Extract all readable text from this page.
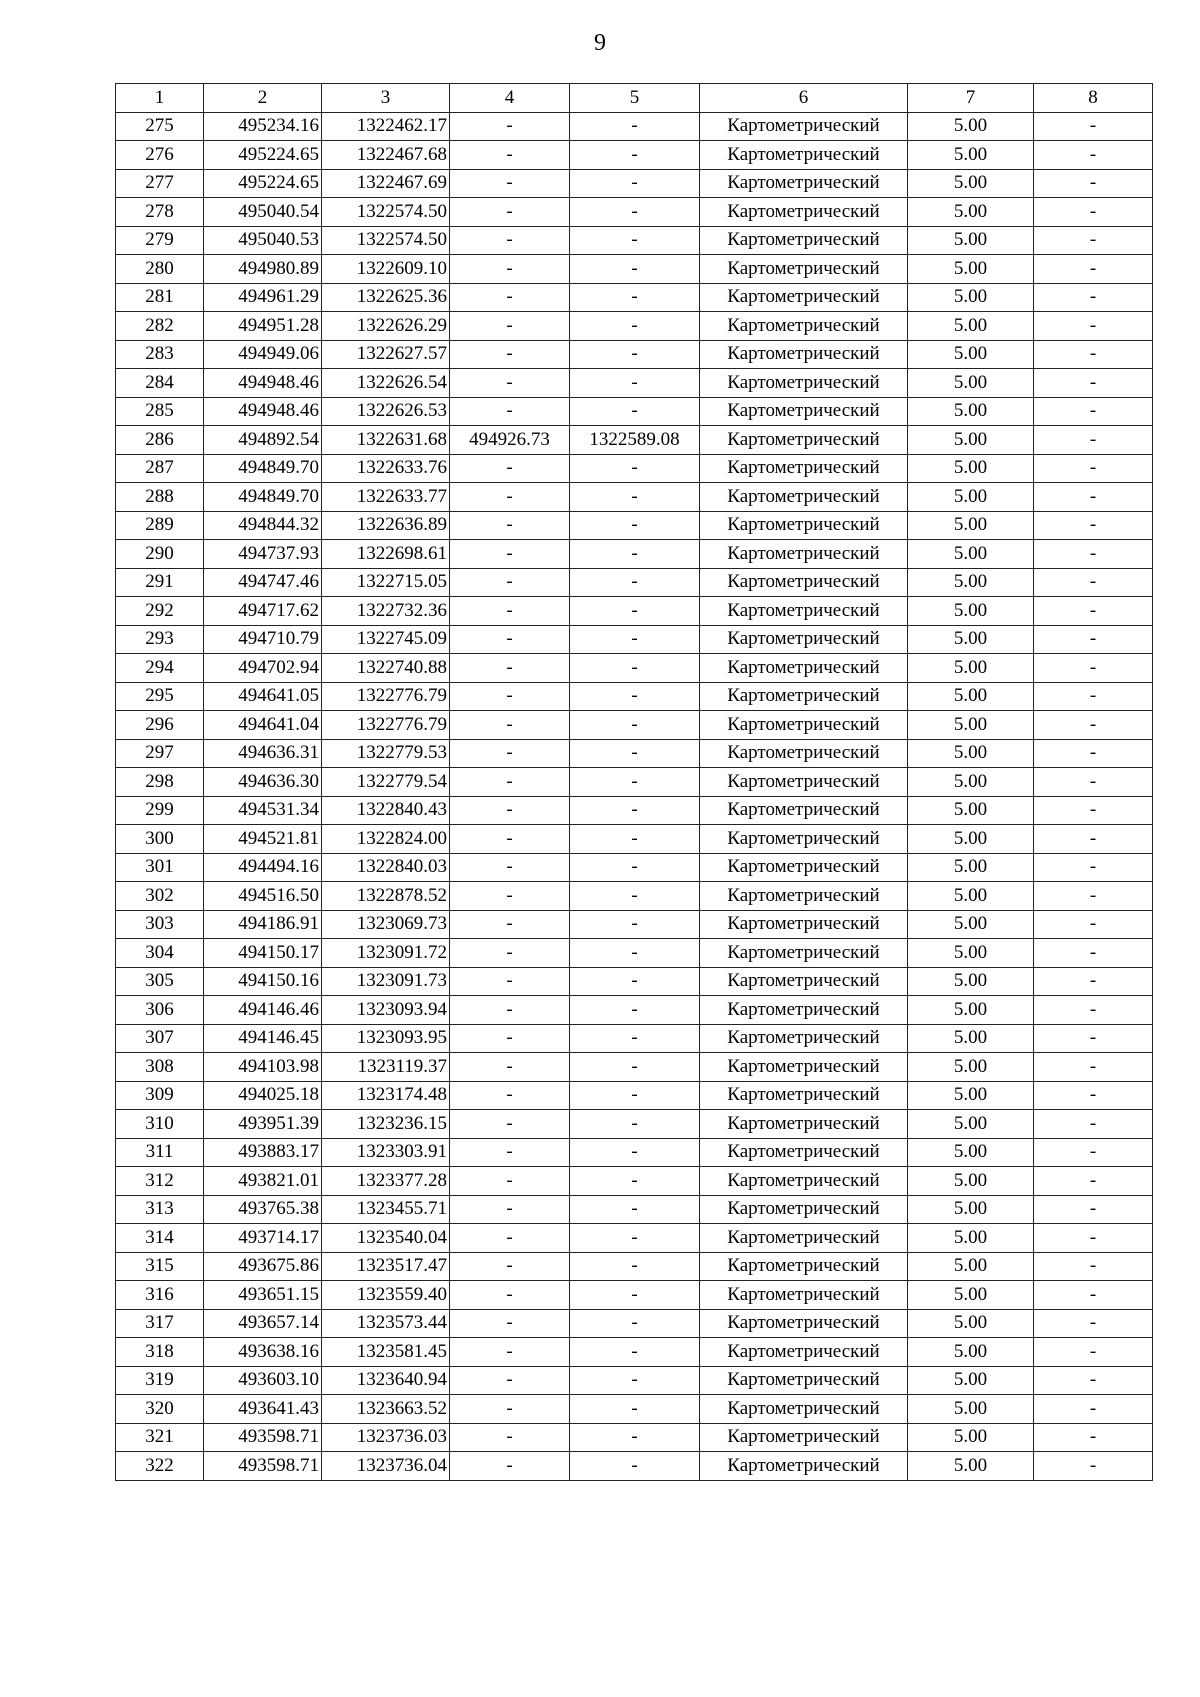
9
1	2	3	4	5	6	7	8
275	495234.16	1322462.17	-	-	Картометрический	5.00	-
276	495224.65	1322467.68	-	-	Картометрический	5.00	-
277	495224.65	1322467.69	-	-	Картометрический	5.00	-
278	495040.54	1322574.50	-	-	Картометрический	5.00	-
279	495040.53	1322574.50	-	-	Картометрический	5.00	-
280	494980.89	1322609.10	-	-	Картометрический	5.00	-
281	494961.29	1322625.36	-	-	Картометрический	5.00	-
282	494951.28	1322626.29	-	-	Картометрический	5.00	-
283	494949.06	1322627.57	-	-	Картометрический	5.00	-
284	494948.46	1322626.54	-	-	Картометрический	5.00	-
285	494948.46	1322626.53	-	-	Картометрический	5.00	-
286	494892.54	1322631.68	494926.73	1322589.08	Картометрический	5.00	-
287	494849.70	1322633.76	-	-	Картометрический	5.00	-
288	494849.70	1322633.77	-	-	Картометрический	5.00	-
289	494844.32	1322636.89	-	-	Картометрический	5.00	-
290	494737.93	1322698.61	-	-	Картометрический	5.00	-
291	494747.46	1322715.05	-	-	Картометрический	5.00	-
292	494717.62	1322732.36	-	-	Картометрический	5.00	-
293	494710.79	1322745.09	-	-	Картометрический	5.00	-
294	494702.94	1322740.88	-	-	Картометрический	5.00	-
295	494641.05	1322776.79	-	-	Картометрический	5.00	-
296	494641.04	1322776.79	-	-	Картометрический	5.00	-
297	494636.31	1322779.53	-	-	Картометрический	5.00	-
298	494636.30	1322779.54	-	-	Картометрический	5.00	-
299	494531.34	1322840.43	-	-	Картометрический	5.00	-
300	494521.81	1322824.00	-	-	Картометрический	5.00	-
301	494494.16	1322840.03	-	-	Картометрический	5.00	-
302	494516.50	1322878.52	-	-	Картометрический	5.00	-
303	494186.91	1323069.73	-	-	Картометрический	5.00	-
304	494150.17	1323091.72	-	-	Картометрический	5.00	-
305	494150.16	1323091.73	-	-	Картометрический	5.00	-
306	494146.46	1323093.94	-	-	Картометрический	5.00	-
307	494146.45	1323093.95	-	-	Картометрический	5.00	-
308	494103.98	1323119.37	-	-	Картометрический	5.00	-
309	494025.18	1323174.48	-	-	Картометрический	5.00	-
310	493951.39	1323236.15	-	-	Картометрический	5.00	-
311	493883.17	1323303.91	-	-	Картометрический	5.00	-
312	493821.01	1323377.28	-	-	Картометрический	5.00	-
313	493765.38	1323455.71	-	-	Картометрический	5.00	-
314	493714.17	1323540.04	-	-	Картометрический	5.00	-
315	493675.86	1323517.47	-	-	Картометрический	5.00	-
316	493651.15	1323559.40	-	-	Картометрический	5.00	-
317	493657.14	1323573.44	-	-	Картометрический	5.00	-
318	493638.16	1323581.45	-	-	Картометрический	5.00	-
319	493603.10	1323640.94	-	-	Картометрический	5.00	-
320	493641.43	1323663.52	-	-	Картометрический	5.00	-
321	493598.71	1323736.03	-	-	Картометрический	5.00	-
322	493598.71	1323736.04	-	-	Картометрический	5.00	-
